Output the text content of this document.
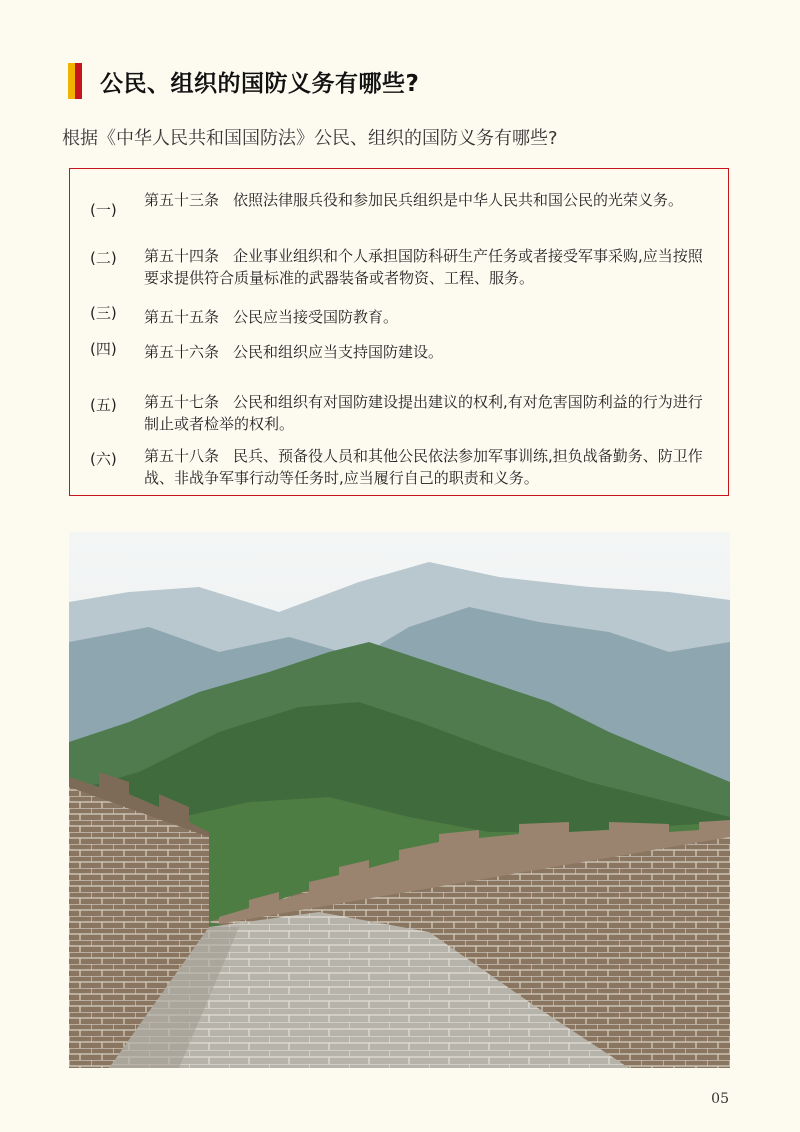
公民、组织的国防义务有哪些?
根据《中华人民共和国国防法》公民、组织的国防义务有哪些?
(一)
第五十三条 依照法律服兵役和参加民兵组织是中华人民共和国公民的光荣义务。
(二) 第五十四条 企业事业组织和个人承担国防科研生产任务或者接受军事采购,应当按照要求提供符合质量标准的武器装备或者物资、工程、服务。
(三) 第五十五条 公民应当接受国防教育。
(四) 第五十六条 公民和组织应当支持国防建设。
(五) 第五十七条 公民和组织有对国防建设提出建议的权利,有对危害国防利益的行为进行制止或者检举的权利。
(六) 第五十八条 民兵、预备役人员和其他公民依法参加军事训练,担负战备勤务、防卫作战、非战争军事行动等任务时,应当履行自己的职责和义务。
05
